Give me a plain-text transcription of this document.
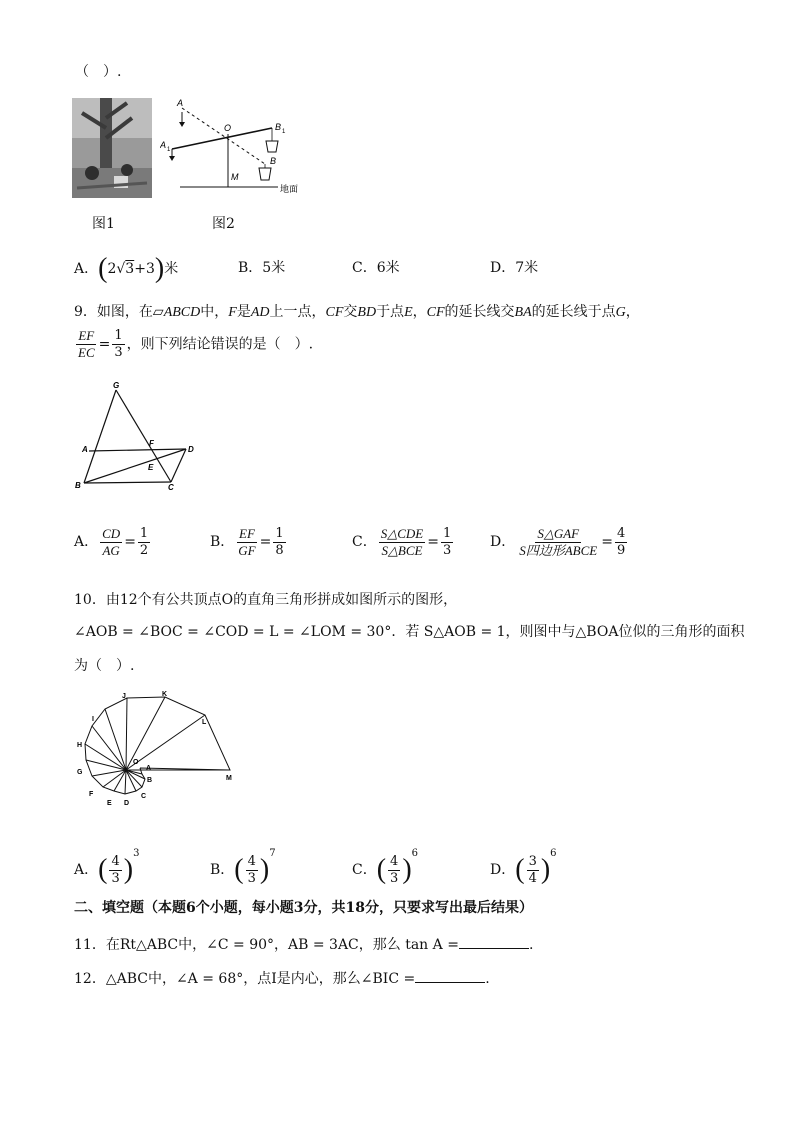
（　）.
A
A 1
O	B 1
B
M
地面
图1	图2
A．(2√3+3)米	B．5米	C．6米	D．7米
9．如图，在▱ABCD中，F是AD上一点，CF交BD于点E，CF的延长线交BA的延长线于点G，
$\frac{EF}{EC} = \frac{1}{3}$ ，则下列结论错误的是（　）.
G
A
F
D
E
B	C
A． $\frac{CD}{AG} = \frac{1}{2}$	B． $\frac{EF}{GF} = \frac{1}{8}$	C． $\frac{\text{S△CDE}}{\text{S△BCE}} = \frac{1}{3}$	D． $\frac{\text{S△GAF}}{\text{S四边形ABCE}} = \frac{4}{9}$
10．由12个有公共顶点O的直角三角形拼成如图所示的图形，
∠AOB = ∠BOC = ∠COD = L = ∠LOM = 30°．若 S△AOB = 1，则图中与△BOA位似的三角形的面积
为（　）.
J	K
I	L
H
G
O
A
B	M
F
E D
C
A．( $\frac{4}{3} )^3$
B．( $\frac{4}{3} )^7$
C．( $\frac{4}{3} )^6$
D．( $\frac{3}{4} )^6$
二、填空题（本题6个小题，每小题3分，共18分，只要求写出最后结果）
11．在Rt△ABC中，∠C = 90°，AB = 3AC，那么 tan A =	.
12．△ABC中，∠A = 68°，点I是内心，那么∠BIC =	.
